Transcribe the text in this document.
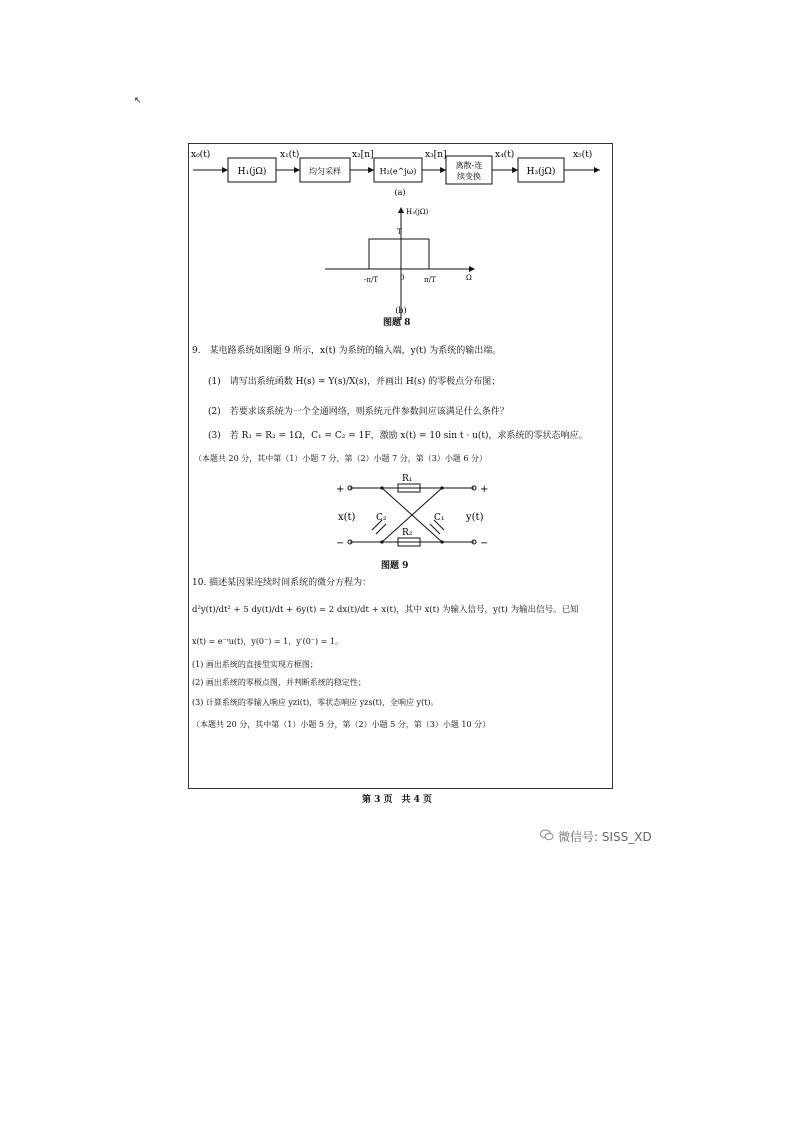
↖
x₀(t)	x₁(t)	x₂[n]	x₃[n]	x₄(t)	x₅(t)
H₁(jΩ)	均匀采样	H₂(e^jω)
离散-连
续变换	H₃(jΩ)
(a)
H₃(jΩ)
T
0	Ω
-π/T	π/T
(b)
图题 8
9.　某电路系统如图题 9 所示，x(t) 为系统的输入端，y(t) 为系统的输出端。
(1)　请写出系统函数 H(s) = Y(s)/X(s)，并画出 H(s) 的零极点分布图；
(2)　若要求该系统为一个全通网络，则系统元件参数间应该满足什么条件？
(3)　若 R₁ = R₂ = 1Ω，C₁ = C₂ = 1F，激励 x(t) = 10 sin t · u(t)，求系统的零状态响应。
（本题共 20 分，其中第（1）小题 7 分，第（2）小题 7 分，第（3）小题 6 分）
+
−
+
−
R₁
R₂
C₂	C₁
x(t)	y(t)
图题 9
10. 描述某因果连续时间系统的微分方程为：
d²y(t)/dt² + 5 dy(t)/dt + 6y(t) = 2 dx(t)/dt + x(t)，其中 x(t) 为输入信号，y(t) 为输出信号。已知
x(t) = e⁻ᵗu(t)，y(0⁻) = 1，y′(0⁻) = 1。
(1) 画出系统的直接型实现方框图；
(2) 画出系统的零极点图，并判断系统的稳定性；
(3) 计算系统的零输入响应 yzi(t)，零状态响应 yzs(t)，全响应 y(t)。
（本题共 20 分，其中第（1）小题 5 分，第（2）小题 5 分，第（3）小题 10 分）
第 3 页　共 4 页
微信号: SISS_XD
